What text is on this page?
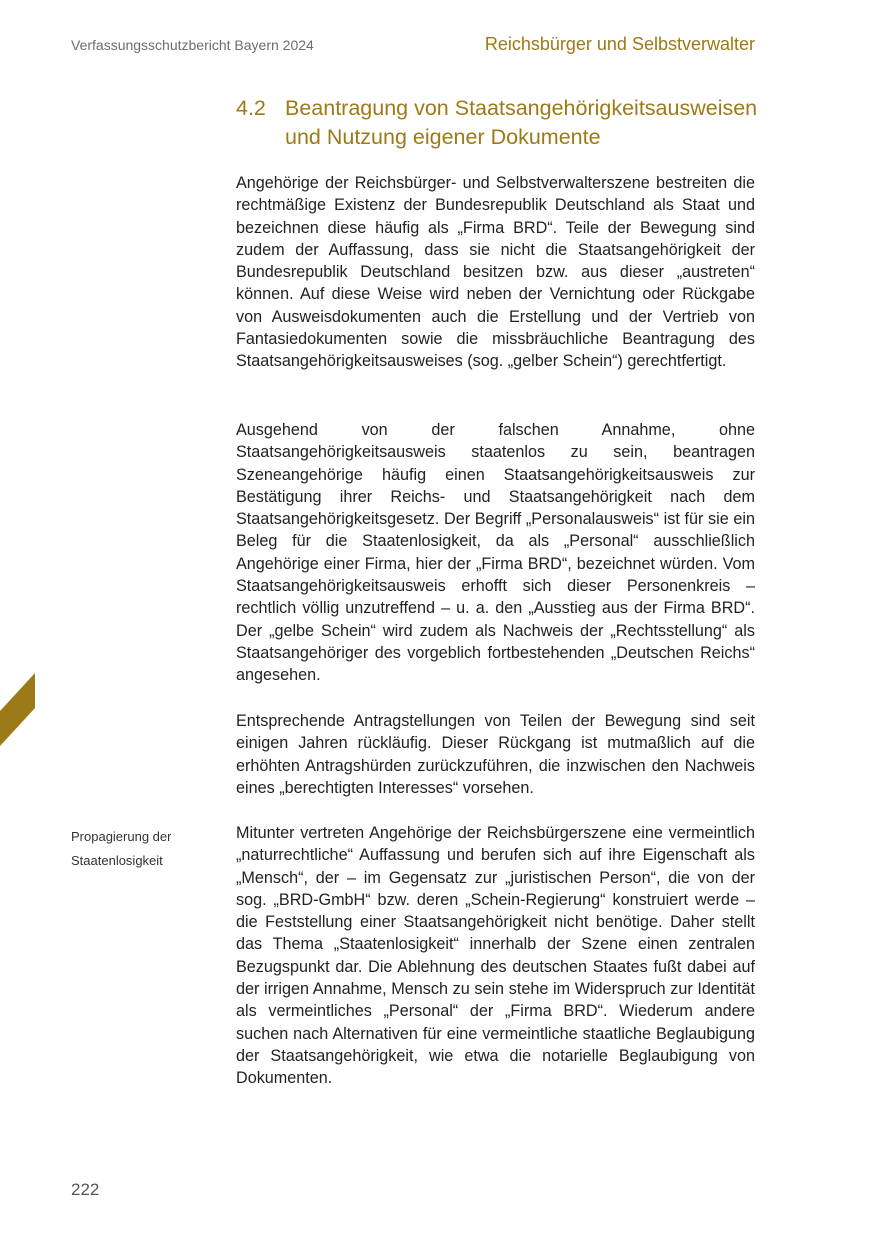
Verfassungsschutzbericht Bayern 2024	Reichsbürger und Selbstverwalter
4.2 Beantragung von Staatsangehörigkeitsausweisen und Nutzung eigener Dokumente

Angehörige der Reichsbürger- und Selbstverwalterszene bestreiten die rechtmäßige Existenz der Bundesrepublik Deutschland als Staat und bezeichnen diese häufig als „Firma BRD“. Teile der Bewegung sind zudem der Auffassung, dass sie nicht die Staatsangehörigkeit der Bundesrepublik Deutschland besitzen bzw. aus dieser „austreten“ können. Auf diese Weise wird neben der Vernichtung oder Rückgabe von Ausweisdokumenten auch die Erstellung und der Vertrieb von Fantasiedokumenten sowie die missbräuchliche Beantragung des Staatsangehörigkeitsausweises (sog. „gelber Schein“) gerechtfertigt.

Ausgehend von der falschen Annahme, ohne Staatsangehörigkeitsausweis staatenlos zu sein, beantragen Szeneangehörige häufig einen Staatsangehörigkeitsausweis zur Bestätigung ihrer Reichs- und Staatsangehörigkeit nach dem Staatsangehörigkeitsgesetz. Der Begriff „Personalausweis“ ist für sie ein Beleg für die Staatenlosigkeit, da als „Personal“ ausschließlich Angehörige einer Firma, hier der „Firma BRD“, bezeichnet würden. Vom Staatsangehörigkeitsausweis erhofft sich dieser Personenkreis – rechtlich völlig unzutreffend – u. a. den „Ausstieg aus der Firma BRD“. Der „gelbe Schein“ wird zudem als Nachweis der „Rechtsstellung“ als Staatsangehöriger des vorgeblich fortbestehenden „Deutschen Reichs“ angesehen.

Entsprechende Antragstellungen von Teilen der Bewegung sind seit einigen Jahren rückläufig. Dieser Rückgang ist mutmaßlich auf die erhöhten Antragshürden zurückzuführen, die inzwischen den Nachweis eines „berechtigten Interesses“ vorsehen.

Propagierung der Staatenlosigkeit

Mitunter vertreten Angehörige der Reichsbürgerszene eine vermeintlich „naturrechtliche“ Auffassung und berufen sich auf ihre Eigenschaft als „Mensch“, der – im Gegensatz zur „juristischen Person“, die von der sog. „BRD-GmbH“ bzw. deren „Schein-Regierung“ konstruiert werde – die Feststellung einer Staatsangehörigkeit nicht benötige. Daher stellt das Thema „Staatenlosigkeit“ innerhalb der Szene einen zentralen Bezugspunkt dar. Die Ablehnung des deutschen Staates fußt dabei auf der irrigen Annahme, Mensch zu sein stehe im Widerspruch zur Identität als vermeintliches „Personal“ der „Firma BRD“. Wiederum andere suchen nach Alternativen für eine vermeintliche staatliche Beglaubigung der Staatsangehörigkeit, wie etwa die notarielle Beglaubigung von Dokumenten.

222
